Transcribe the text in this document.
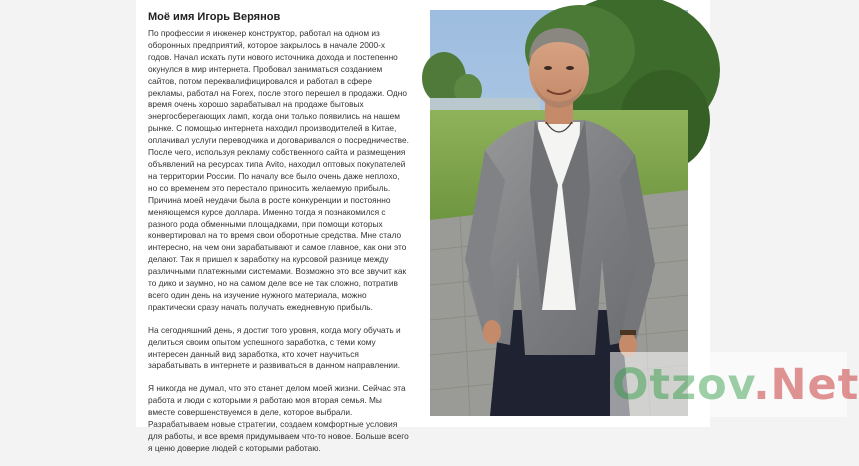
Моё имя Игорь Верянов

По профессии я инженер конструктор, работал на одном из оборонных предприятий, которое закрылось в начале 2000-х годов. Начал искать пути нового источника дохода и постепенно окунулся в мир интернета. Пробовал заниматься созданием сайтов, потом переквалифицировался и работал в сфере рекламы, работал на Forex, после этого перешел в продажи. Одно время очень хорошо зарабатывал на продаже бытовых энергосберегающих ламп, когда они только появились на нашем рынке. С помощью интернета находил производителей в Китае, оплачивал услуги переводчика и договаривался о посредничестве. После чего, используя рекламу собственного сайта и размещения объявлений на ресурсах типа Avito, находил оптовых покупателей на территории России. По началу все было очень даже неплохо, но со временем это перестало приносить желаемую прибыль. Причина моей неудачи была в росте конкуренции и постоянно меняющемся курсе доллара. Именно тогда я познакомился с разного рода обменными площадками, при помощи которых конвертировал на то время свои оборотные средства. Мне стало интересно, на чем они зарабатывают и самое главное, как они это делают. Так я пришел к заработку на курсовой разнице между различными платежными системами. Возможно это все звучит как то дико и заумно, но на самом деле все не так сложно, потратив всего один день на изучение нужного материала, можно практически сразу начать получать ежедневную прибыль.

На сегодняшний день, я достиг того уровня, когда могу обучать и делиться своим опытом успешного заработка, с теми кому интересен данный вид заработка, кто хочет научиться зарабатывать в интернете и развиваться в данном направлении.

Я никогда не думал, что это станет делом моей жизни. Сейчас эта работа и люди с которыми я работаю моя вторая семья. Мы вместе совершенствуемся в деле, которое выбрали. Разрабатываем новые стратегии, создаем комфортные условия для работы, и все время придумываем что-то новое. Больше всего я ценю доверие людей с которыми работаю.

Otzov.Net
